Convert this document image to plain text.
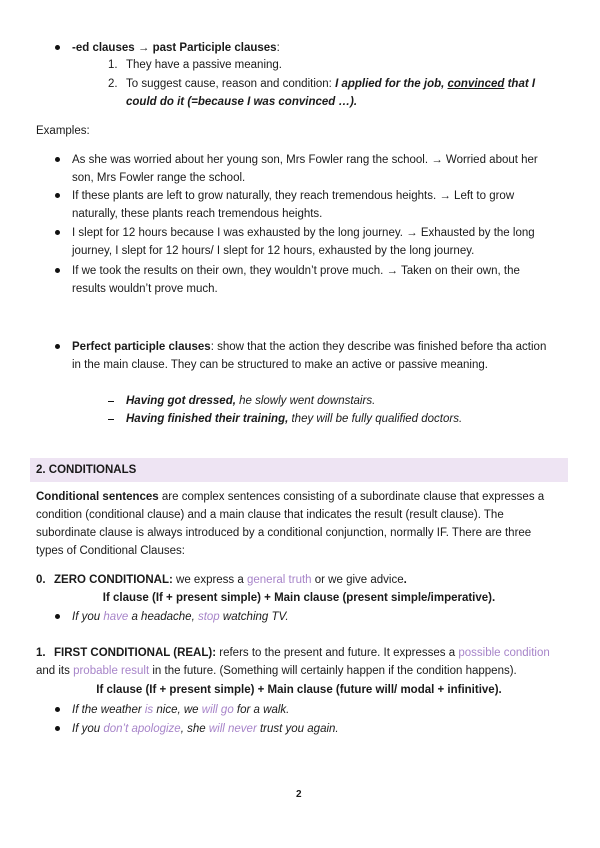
-ed clauses → past Participle clauses:
1. They have a passive meaning.
2. To suggest cause, reason and condition: I applied for the job, convinced that I
could do it (=because I was convinced …).
Examples:
As she was worried about her young son, Mrs Fowler rang the school. → Worried about her
son, Mrs Fowler range the school.
If these plants are left to grow naturally, they reach tremendous heights. → Left to grow
naturally, these plants reach tremendous heights.
I slept for 12 hours because I was exhausted by the long journey. → Exhausted by the long
journey, I slept for 12 hours/ I slept for 12 hours, exhausted by the long journey.
If we took the results on their own, they wouldn’t prove much. → Taken on their own, the
results wouldn’t prove much.
Perfect participle clauses: show that the action they describe was finished before tha action
in the main clause. They can be structured to make an active or passive meaning.
Having got dressed, he slowly went downstairs.
Having finished their training, they will be fully qualified doctors.
2. CONDITIONALS
Conditional sentences are complex sentences consisting of a subordinate clause that expresses a
condition (conditional clause) and a main clause that indicates the result (result clause). The
subordinate clause is always introduced by a conditional conjunction, normally IF. There are three
types of Conditional Clauses:
0. ZERO CONDITIONAL: we express a general truth or we give advice.
If clause (If + present simple) + Main clause (present simple/imperative).
If you have a headache, stop watching TV.
1. FIRST CONDITIONAL (REAL): refers to the present and future. It expresses a possible condition
and its probable result in the future. (Something will certainly happen if the condition happens).
If clause (If + present simple) + Main clause (future will/ modal + infinitive).
If the weather is nice, we will go for a walk.
If you don’t apologize, she will never trust you again.
2
